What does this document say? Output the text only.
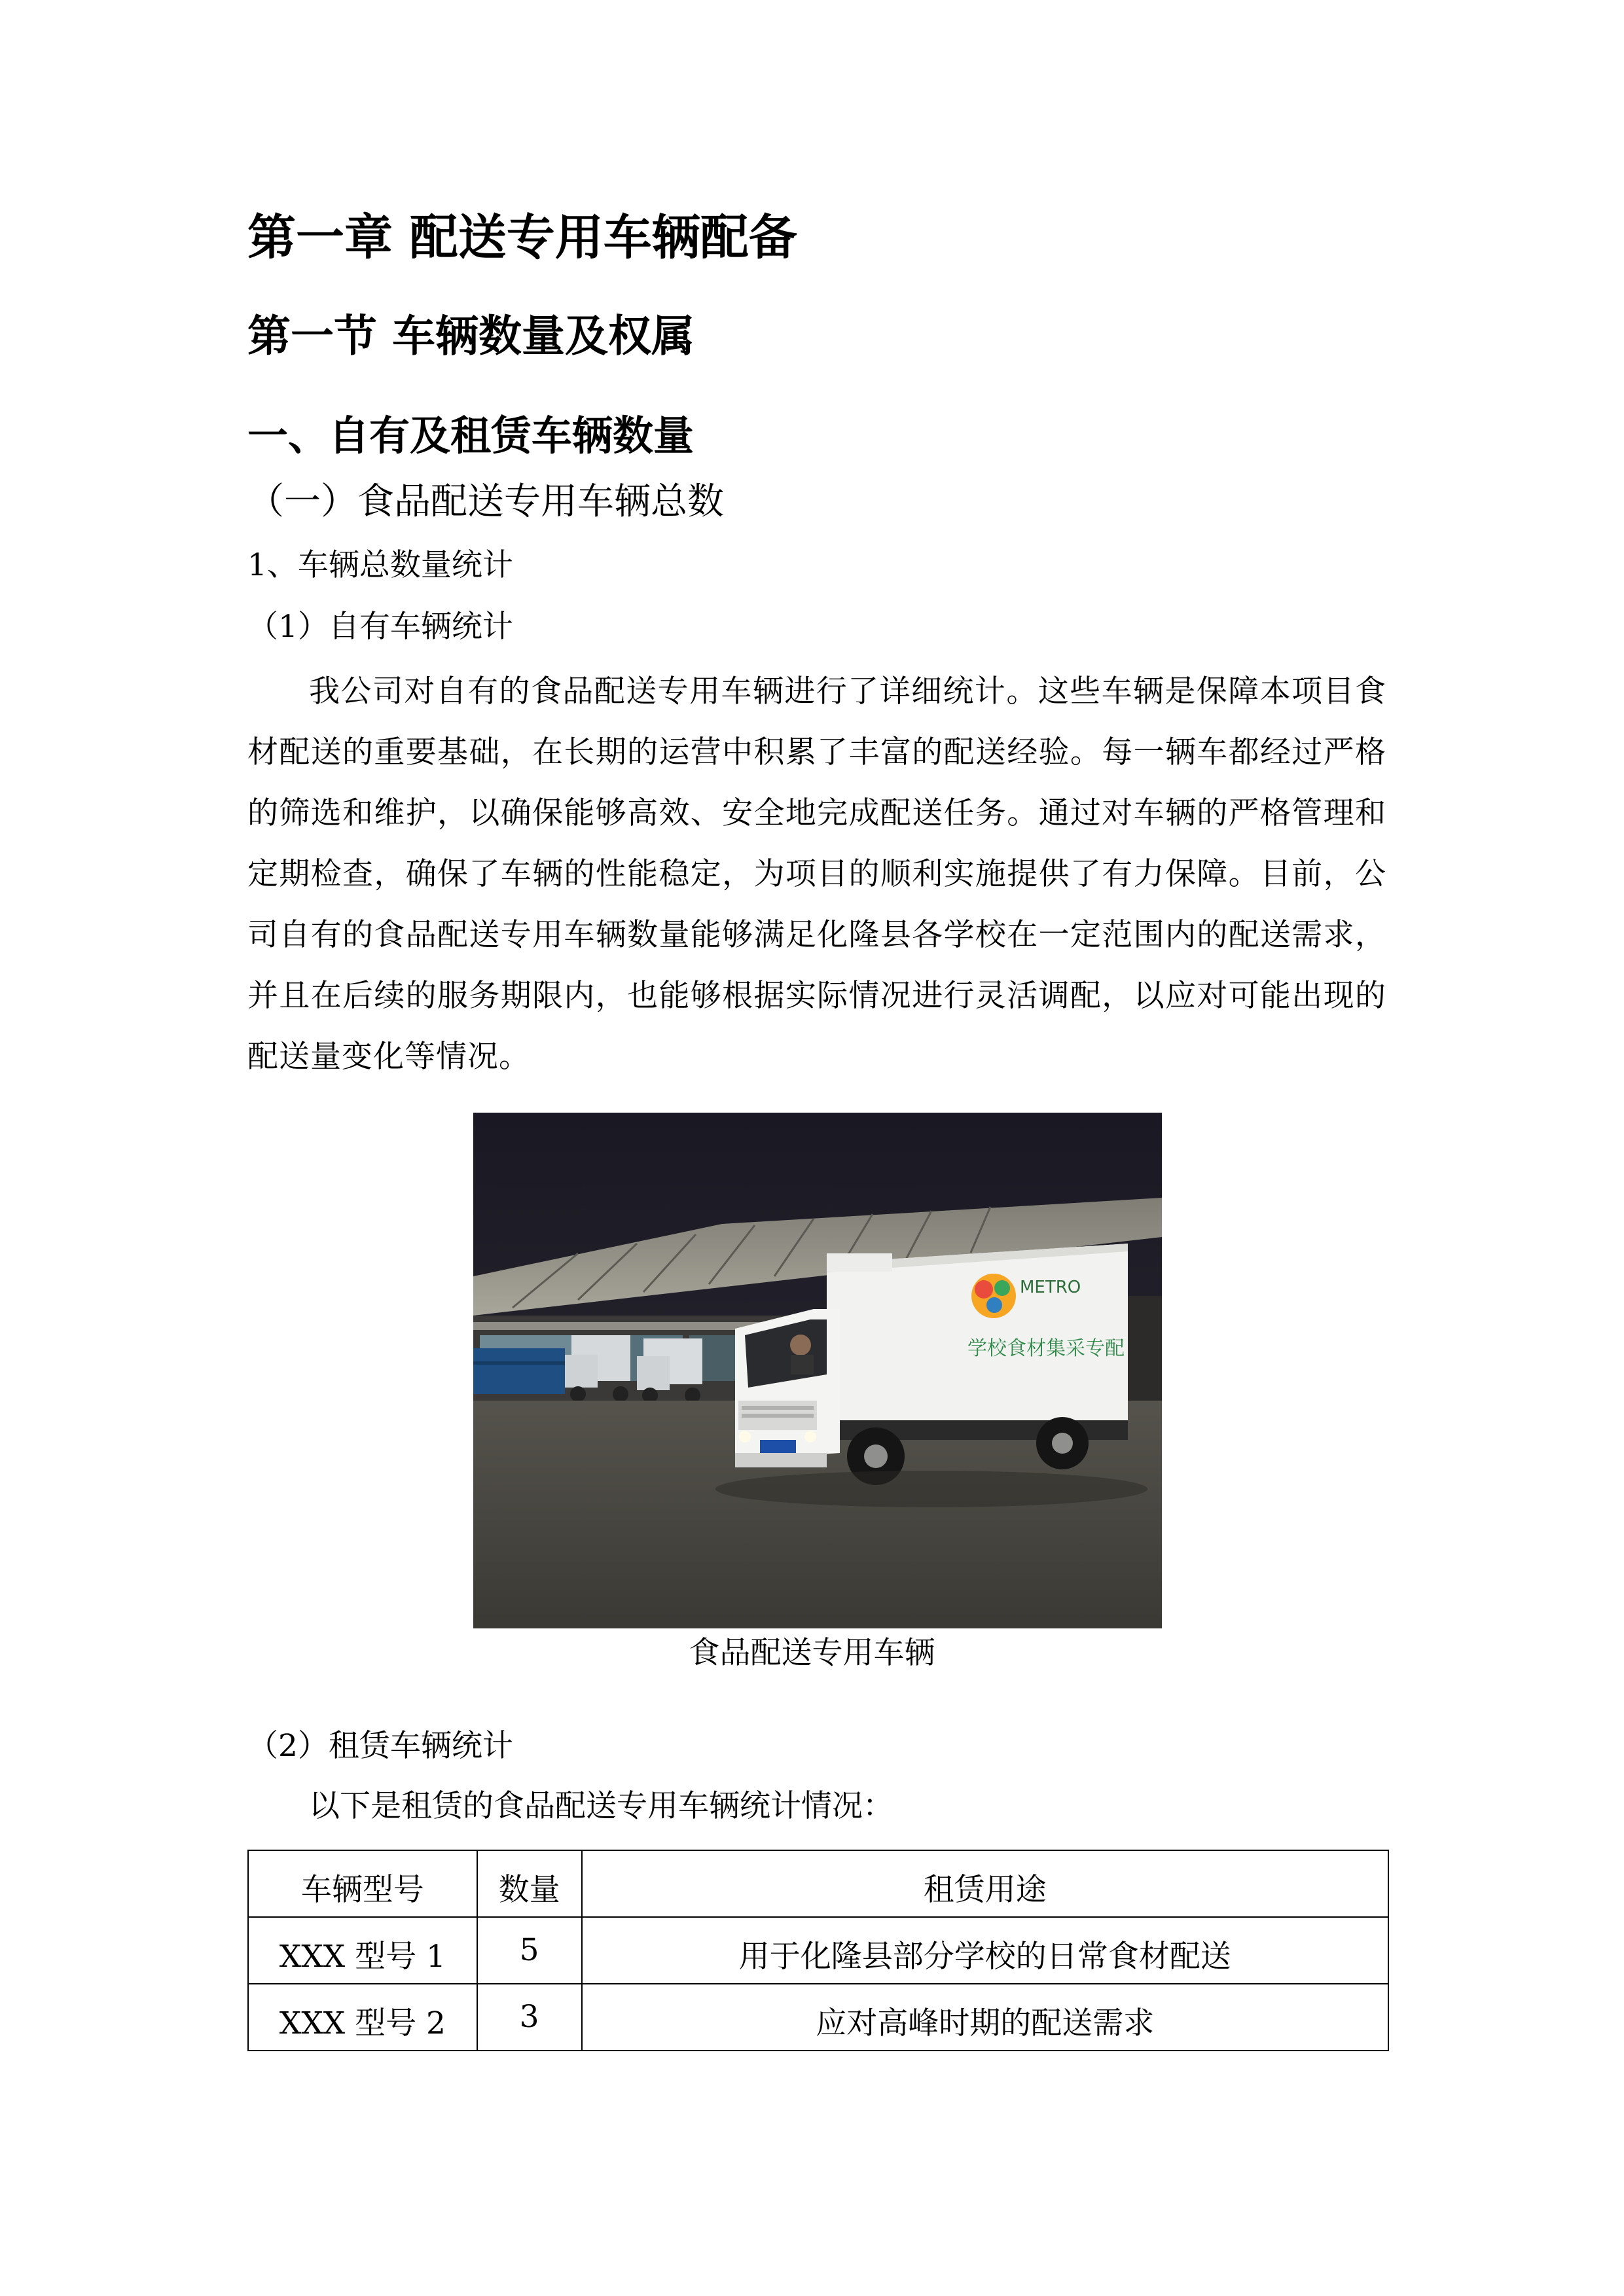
第一章 配送专用车辆配备
第一节 车辆数量及权属
一、自有及租赁车辆数量
（一）食品配送专用车辆总数
1、车辆总数量统计
（1）自有车辆统计
我公司对自有的食品配送专用车辆进行了详细统计。这些车辆是保障本项目食材配送的重要基础，在长期的运营中积累了丰富的配送经验。每一辆车都经过严格的筛选和维护，以确保能够高效、安全地完成配送任务。通过对车辆的严格管理和定期检查，确保了车辆的性能稳定，为项目的顺利实施提供了有力保障。目前，公司自有的食品配送专用车辆数量能够满足化隆县各学校在一定范围内的配送需求，并且在后续的服务期限内，也能够根据实际情况进行灵活调配，以应对可能出现的配送量变化等情况。
METRO
学校食材集采专配
食品配送专用车辆
（2）租赁车辆统计
以下是租赁的食品配送专用车辆统计情况：
车辆型号	数量	租赁用途
XXX 型号 1	5	用于化隆县部分学校的日常食材配送
XXX 型号 2	3	应对高峰时期的配送需求
